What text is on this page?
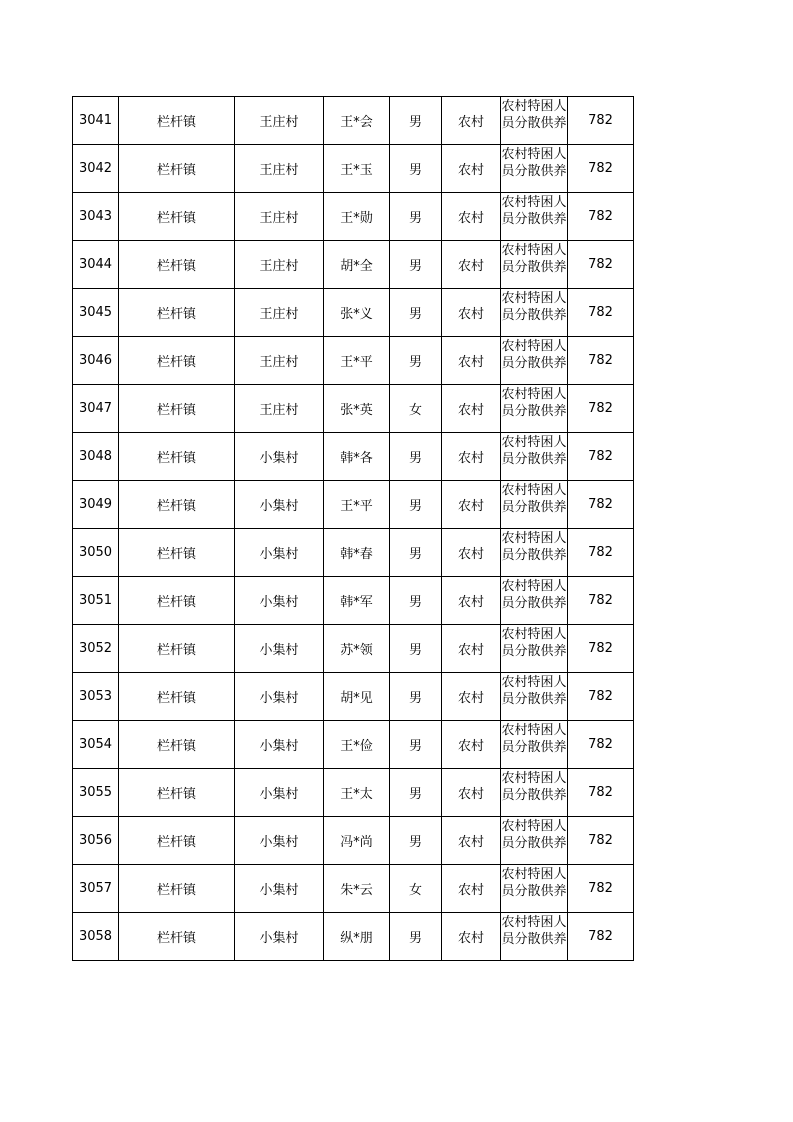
3041	栏杆镇	王庄村	王*会	男	农村	农村特困人员分散供养	782
3042	栏杆镇	王庄村	王*玉	男	农村	农村特困人员分散供养	782
3043	栏杆镇	王庄村	王*勋	男	农村	农村特困人员分散供养	782
3044	栏杆镇	王庄村	胡*全	男	农村	农村特困人员分散供养	782
3045	栏杆镇	王庄村	张*义	男	农村	农村特困人员分散供养	782
3046	栏杆镇	王庄村	王*平	男	农村	农村特困人员分散供养	782
3047	栏杆镇	王庄村	张*英	女	农村	农村特困人员分散供养	782
3048	栏杆镇	小集村	韩*各	男	农村	农村特困人员分散供养	782
3049	栏杆镇	小集村	王*平	男	农村	农村特困人员分散供养	782
3050	栏杆镇	小集村	韩*春	男	农村	农村特困人员分散供养	782
3051	栏杆镇	小集村	韩*军	男	农村	农村特困人员分散供养	782
3052	栏杆镇	小集村	苏*领	男	农村	农村特困人员分散供养	782
3053	栏杆镇	小集村	胡*见	男	农村	农村特困人员分散供养	782
3054	栏杆镇	小集村	王*俭	男	农村	农村特困人员分散供养	782
3055	栏杆镇	小集村	王*太	男	农村	农村特困人员分散供养	782
3056	栏杆镇	小集村	冯*尚	男	农村	农村特困人员分散供养	782
3057	栏杆镇	小集村	朱*云	女	农村	农村特困人员分散供养	782
3058	栏杆镇	小集村	纵*朋	男	农村	农村特困人员分散供养	782
